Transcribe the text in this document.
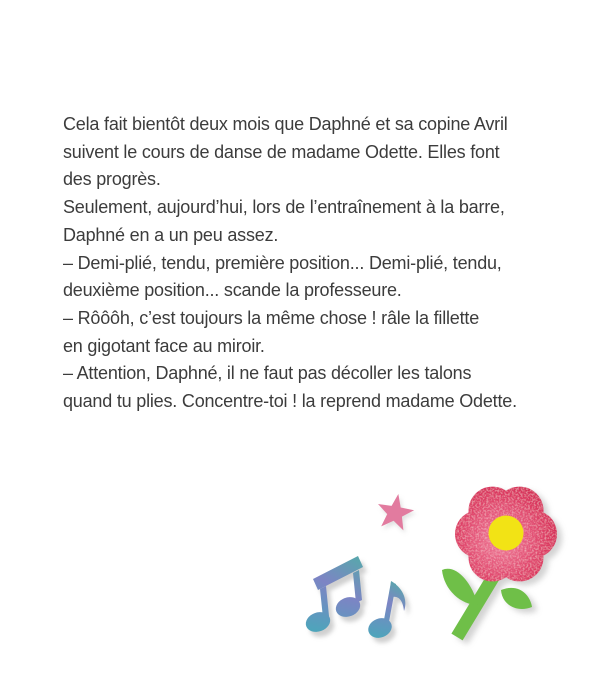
Cela fait bientôt deux mois que Daphné et sa copine Avril
suivent le cours de danse de madame Odette. Elles font
des progrès.
Seulement, aujourd’hui, lors de l’entraînement à la barre,
Daphné en a un peu assez.
– Demi-plié, tendu, première position... Demi-plié, tendu,
deuxième position... scande la professeure.
– Rôôôh, c’est toujours la même chose ! râle la fillette
en gigotant face au miroir.
– Attention, Daphné, il ne faut pas décoller les talons
quand tu plies. Concentre-toi ! la reprend madame Odette.
